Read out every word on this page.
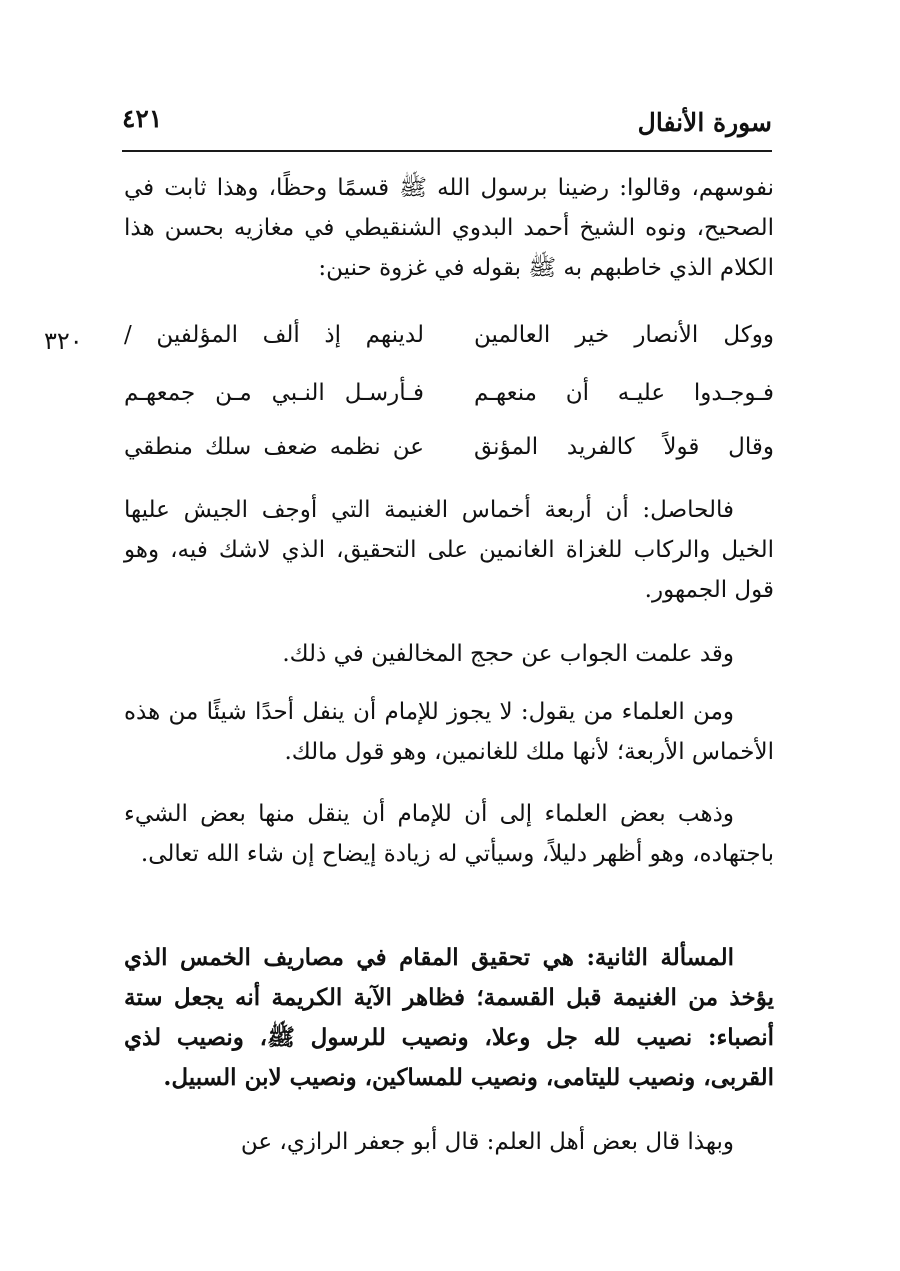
٤٢١	سورة الأنفال

نفوسهم، وقالوا: رضينا برسول الله ﷺ قسمًا وحظًا، وهذا ثابت في الصحيح، ونوه الشيخ أحمد البدوي الشنقيطي في مغازيه بحسن هذا الكلام الذي خاطبهم به ﷺ بقوله في غزوة حنين:

٣٢٠	ووكل الأنصار خير العالمين
لدينهم إذ ألف المؤلفين /
فـوجـدوا عليـه أن منعهـم
فـأرسـل النـبي مـن جمعهـم
وقال قولاً كالفريد المؤنق
عن نظمه ضعف سلك منطقي

فالحاصل: أن أربعة أخماس الغنيمة التي أوجف الجيش عليها الخيل والركاب للغزاة الغانمين على التحقيق، الذي لاشك فيه، وهو قول الجمهور.

وقد علمت الجواب عن حجج المخالفين في ذلك.

ومن العلماء من يقول: لا يجوز للإمام أن ينفل أحدًا شيئًا من هذه الأخماس الأربعة؛ لأنها ملك للغانمين، وهو قول مالك.

وذهب بعض العلماء إلى أن للإمام أن ينقل منها بعض الشيء باجتهاده، وهو أظهر دليلاً، وسيأتي له زيادة إيضاح إن شاء الله تعالى.

المسألة الثانية: هي تحقيق المقام في مصاريف الخمس الذي يؤخذ من الغنيمة قبل القسمة؛ فظاهر الآية الكريمة أنه يجعل ستة أنصباء: نصيب لله جل وعلا، ونصيب للرسول ﷺ، ونصيب لذي القربى، ونصيب لليتامى، ونصيب للمساكين، ونصيب لابن السبيل.

وبهذا قال بعض أهل العلم: قال أبو جعفر الرازي، عن
